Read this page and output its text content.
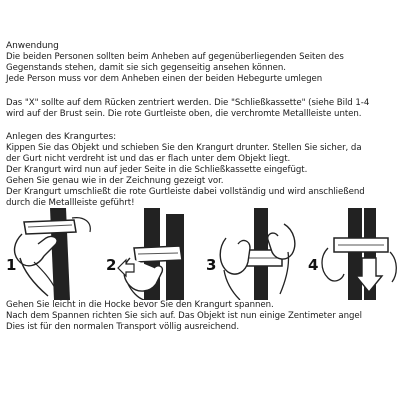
Anwendung
Die beiden Personen sollten beim Anheben auf gegenüberliegenden Seiten des
Gegenstands stehen, damit sie sich gegenseitig ansehen können.
Jede Person muss vor dem Anheben einen der beiden Hebegurte umlegen
Das "X" sollte auf dem Rücken zentriert werden. Die "Schließkassette" (siehe Bild 1-4
wird auf der Brust sein. Die rote Gurtleiste oben, die verchromte Metallleiste unten.
Anlegen des Krangurtes:
Kippen Sie das Objekt und schieben Sie den Krangurt drunter. Stellen Sie sicher, da
der Gurt nicht verdreht ist und das er flach unter dem Objekt liegt.
Der Krangurt wird nun auf jeder Seite in die Schließkassette eingefügt.
Gehen Sie genau wie in der Zeichnung gezeigt vor.
Der Krangurt umschließt die rote Gurtleiste dabei vollständig und wird anschließend
durch die Metallleiste geführt!
1	2	3	4
Gehen Sie leicht in die Hocke bevor Sie den Krangurt spannen.
Nach dem Spannen richten Sie sich auf. Das Objekt ist nun einige Zentimeter angel
Dies ist für den normalen Transport völlig ausreichend.
